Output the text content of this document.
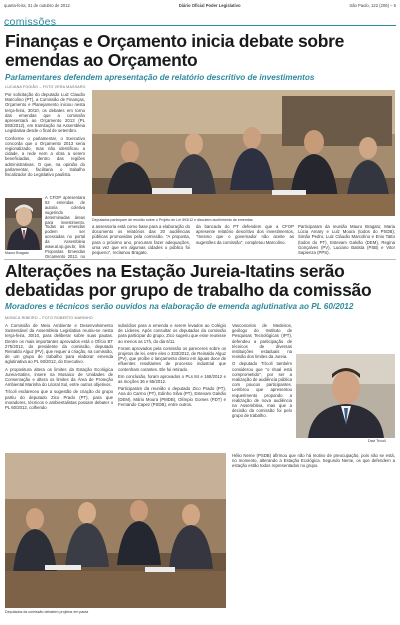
quarta-feira, 31 de outubro de 2012	Diário Oficial Poder Legislativo	São Paulo, 122 (206) – 5
comissões
Finanças e Orçamento inicia debate sobre
emendas ao Orçamento
Parlamentares defendem apresentação de relatório descritivo de investimentos
LUCIANA FOGIÃO – FOTO VERA MASSARO

Por solicitação do deputado Luiz Claudio Marcolino (PT), a Comissão de Finanças, Orçamento e Planejamento iniciou nesta terça-feira, 30/10, os debates em torno das emendas que a comissão apresentará ao Orçamento 2013 (PL 593/2012), em tramitação na Assembleia Legislativa desde o final de setembro.

Conforme o parlamentar, o Executivo concorda que o Orçamento 2013 seria regionalizado, mas não identificou a cidade, a rede nem a obra a serem beneficiadas, dentro das regiões administrativas. O que, na opinião do parlamentar, facilitaria o trabalho fiscalizador do Legislativo paulista.

A CFOP apresentará 53 emendas de autoria coletiva sugerindo determinadas áreas para investimento. Todas as emendas podem ser acessadas no portal da Assembleia www.al.sp.gov.br, link Propostas Emendas Orçamento 2013, no

Mauro Bragato
Deputados participam de reunião sobre o Projeto de Lei 593/12 e discutem acolhimento de emendas

a assessoria está como base para a elaboração do documento os relatórios das 20 audiências públicas promovidas pela comissão. "A proposta, para o próximo ano, procuram fazer adequações, uma vez que em algumas cidades o público foi pequeno", reclamou Bragato.

da bancada do PT defendem que a CFOP apresente relatório descritivo dos investimentos, "mesmo que o governador não aceite as sugestões da comissão", completou Marcolino.

Participaram da reunião Mauro Bragato; Maria Lúcia Amary e Luiz Moura (todos do PSDB); Simão Pedro, Luiz Cláudio Marcolino e Enio Tatto (todos do PT), Estevam Galvão (DEM), Regina Gonçalves (PV), Luciano Batista (PSB) e Vitor Sapienza (PPS).

Alterações na Estação Jureia-Itatins serão
debatidas por grupo de trabalho da comissão
Moradores e técnicos serão ouvidos na elaboração de emenda aglutinativa ao PL 60/2012
MONICA RIBEIRO – FOTO ROBERTO MARINHO

A Comissão de Meio Ambiente e Desenvolvimento Sustentável da Assembleia Legislativa reuniu-se nesta terça-feira, 30/10, para deliberar sobre suas pautas. Dentre os mais importantes aprovados está o Ofício BT 275/2012, do presidente da comissão, deputado Reinaldo Alguz (PV), que requer a criação, na comissão, de um grupo de trabalho para elaborar emenda aglutinativa ao PL 60/2012, do Executivo.

A propositura altera os limites da Estação Ecológica Jureia-Itatins, insere na Mosaico de Unidades de Conservação e altera os limites da Área de Proteção Ambiental Marinha do Litoral Sul, entre outros objetivos.

Trícoli esclareceu que a sugestão de criação do grupo partiu do deputado Zico Prado (PT), para que moradores, técnicos e ambientalistas possam debater o PL 60/2012, colhendo

subsídios para a emenda e serem levados ao Colégio de Líderes. Após consultar os deputados da comissão para participar do grupo, Zico sugeriu que esse reunisse ao menos as 17h, do dia 6/11.

Foram aprovados pela comissão os pareceres sobre os projetos de lei, entre eles o 333/2012, de Reinaldo Alguz (PV), que proíbe o lançamento direto em águas doce de efluentes resultantes de processo industrial que contenham corantes. Ele foi retirado.

Em conclusão, foram aprovados o PLs 84 e 168/2012 e as moções 36 e 65/2012.

Participaram da reunião o deputado Zico Prado (PT), Ana do Carmo (PT), Edinho Silva (PT), Estevam Galvão (DEM), Mário Moura (PMDB), Olímpio Gomes (PDT) e Fernando Capez (PSDB), entre outros.

Vasconcelos de Medeiros, geólogo do Instituto de Pesquisas Tecnológicas (IPT), defendeu a participação de técnicos de diversas instituições estaduais na revisão dos limites da Jureia.

O deputado Trícoli também considerou que "o ritual está comprometido", por ser a realização de audiência pública com poucos participantes. Lembrou que apresentou requerimento propondo a realização de nova audiência na Assembleia, mas que a decisão da comissão foi pelo grupo de trabalho.

Davi Trícoli
Deputados da comissão debatem projetos em pauta

Hélio Neme (PSDB) afirmou que não há motivo de preocupação, pois não se está, no momento, alterando a Estação Ecológica. Segundo Neme, os que defendem a estação estão todos representados no grupo.
